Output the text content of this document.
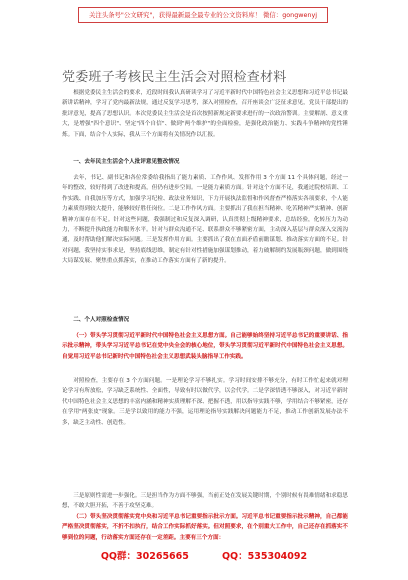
关注头条号"公文研究"，获得最新最全最专业的公文资料库！ 微信：gongwenyj
党委班子考核民主生活会对照检查材料
根据党委民主生活会的要求，近段时间我认真研读学习了习近平新时代中国特色社会主义思想和习近平总书记最新讲话精神，学习了党内最新法规，通过反复学习思考，深入对照检查，召开座谈会广泛征求意见，党员干部提出的批评意见，提高了思想认识。本次党委民主生活会是首次按照新规定新要求进行的一次政治警训。主要解剖、意义重大，是增强"四个意识"、坚定"四个自信"、做到"两个维护"的全面检验，是强化政治能力、实践斗争精神的党性锤炼。下面，结合个人实际，我从三个方面将有关情况作以汇报。
一、去年民主生活会个人批评意见整改情况
去年，书记、副书记和各位常委给我指出了能力素质、工作作风、发挥作用 3 个方面 11 个具体问题，经过一年的整改，较好得到了改进和提高，但仍有进步空间。一是能力素质方面。针对这个方面不足，我通过院校培训、工作实践、自我加压等方式，加强学习纪检、政法业务知识，下力开展执法监督和作风督查严格落实各项要求，个人能力素质得到较大提升，能够较好胜任岗位。二是工作作风方面。主要抓出了我在担当精神、吃苦精神严实精神、创新精神方面存在不足。针对这些问题，我强制过和反复深入调研，认真贯彻上级精神要求，总结经验，化转压力为动力，不断提升执政能力和服务水平。针对与群众沟通不足、联系群众不够紧密方面，主动深入基层与群众深入交流沟通，及时帮助他们解决实际问题。三是发挥作用方面。主要抓出了我在直面矛盾前瞻谋划、推动落实方面的不足。针对问题，我坚持实事求是，坚持底线思维，制定有针对性措施加强谋划推动，着力破解制约发展瓶颈问题，做到围绕大局谋发展、聚焦重点抓落实，在推动工作落实方面有了新的提升。
二、个人对照检查情况
（一）带头学习贯彻习近平新时代中国特色社会主义思想方面。自己能够始终坚持习近平总书记的重要讲话、指示批示精神，带头学习习近平总书记在党中央全会的核心地位，带头学习贯彻习近平新时代中国特色社会主义思想。自觉用习近平总书记新时代中国特色社会主义思想武装头脑指导工作实践。
对照检查，主要存在 3 个方面问题。一是理论学习不够扎实。学习时间安排不够充分，有时工作忙起来就对理论学习有所放松，学习缺乏系统性、全面性，导致有时以做代学，以会代学。二是学深悟透不够深入，对习近平新时代中国特色社会主义思想的丰富内涵和精神实质理解不深、把握不透，用以指导实践不够，学用结合不够紧密，还存在学用"两张皮"现象。三是学以致用的能力不强，运用理论指导实践解决问题能力不足，推动工作创新发展办法不多，缺乏主动性、创造性。
三是原则性需进一步强化。三是担当作为方面不够强，当前正处在发展关键时期，个别时候有畏难情绪和求稳思想，不敢大胆开拓，不善于攻坚克难。
（二）带头坚决贯彻落实党中央和习近平总书记重要指示批示方面。习近平总书记重要指示批示精神，自己都能严格坚决贯彻落实，不折不扣执行，结合工作实际抓好落实。但对照要求，在个别重大工作中，自己还存在抓落实不够到位的问题，行动落实方面还存在一定差距。主要有三个方面：
QQ群：30265665	QQ：535304092
